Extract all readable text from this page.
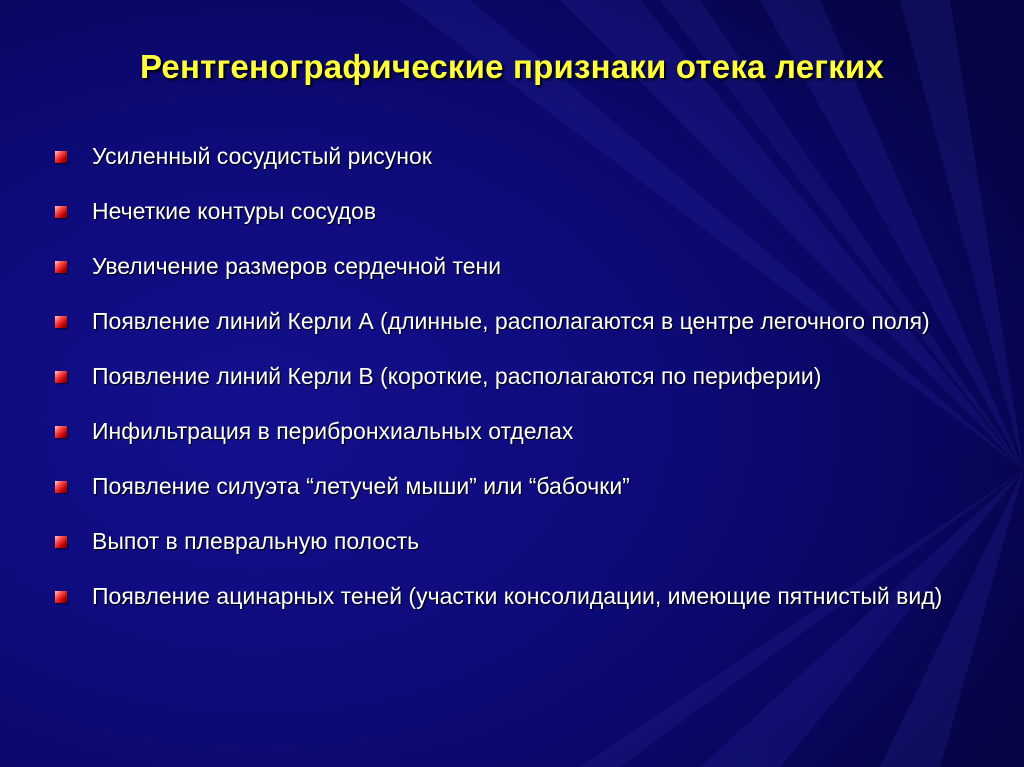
Рентгенографические признаки отека легких
Усиленный сосудистый рисунок
Нечеткие контуры сосудов
Увеличение размеров сердечной тени
Появление линий Керли А (длинные, располагаются в центре легочного поля)
Появление линий Керли В (короткие, располагаются по периферии)
Инфильтрация в перибронхиальных отделах
Появление силуэта “летучей мыши” или “бабочки”
Выпот в плевральную полость
Появление ацинарных теней (участки консолидации, имеющие пятнистый вид)
